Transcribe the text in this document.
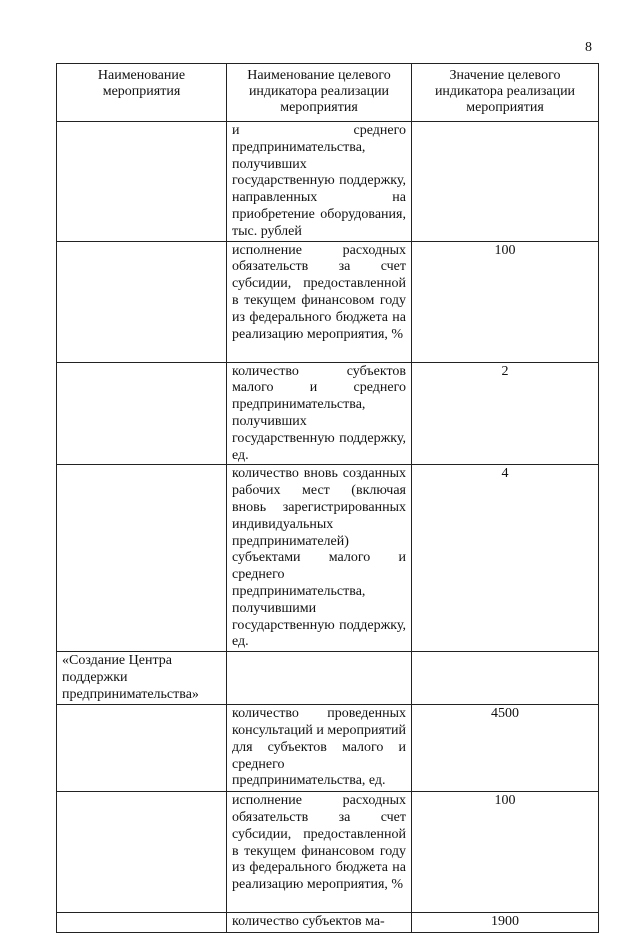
8
Наименование мероприятия	Наименование целевого индикатора реализации мероприятия	Значение целевого индикатора реализации мероприятия

	и среднего предпринимательства, получивших государственную поддержку, направленных на приобретение оборудования, тыс. рублей	

	исполнение расходных обязательств за счет субсидии, предоставленной в текущем финансовом году из федерального бюджета на реализацию мероприятия, %	100

	количество субъектов малого и среднего предпринимательства, получивших государственную поддержку, ед.	2

	количество вновь созданных рабочих мест (включая вновь зарегистрированных индивидуальных предпринимателей) субъектами малого и среднего предпринимательства, получившими государственную поддержку, ед.	4

«Создание Центра поддержки предпринимательства»		

	количество проведенных консультаций и мероприятий для субъектов малого и среднего предпринимательства, ед.	4500

	исполнение расходных обязательств за счет субсидии, предоставленной в текущем финансовом году из федерального бюджета на реализацию мероприятия, %	100

	количество субъектов ма-	1900
